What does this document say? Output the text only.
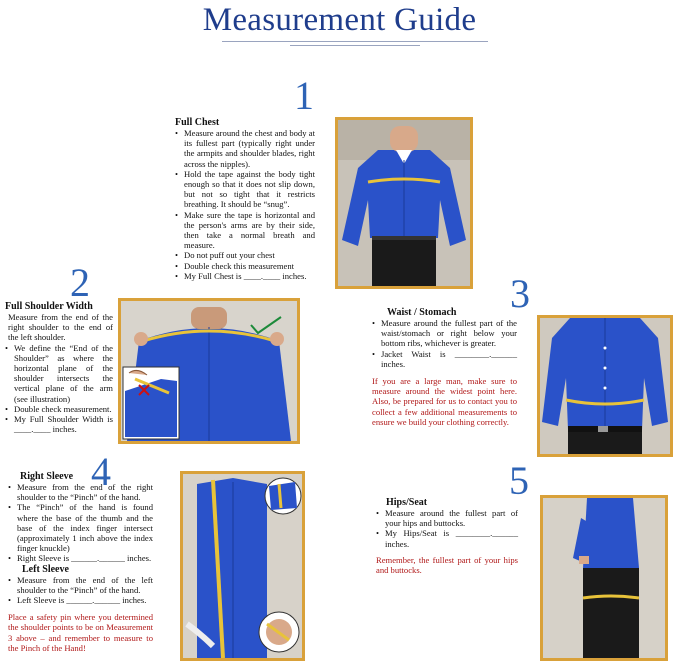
Measurement Guide
1
Full Chest
• Measure around the chest and body at its fullest part (typically right under the armpits and shoulder blades, right across the nipples).
• Hold the tape against the body tight enough so that it does not slip down, but not so tight that it restricts breathing. It should be “snug”.
• Make sure the tape is horizontal and the person's arms are by their side, then take a normal breath and measure.
• Do not puff out your chest
• Double check this measurement
• My Full Chest is ____.____ inches.
2
Full Shoulder Width
Measure from the end of the right shoulder to the end of the left shoulder.
• We define the “End of the Shoulder” as where the horizontal plane of the shoulder intersects the vertical plane of the arm (see illustration)
• Double check measurement.
• My Full Shoulder Width is ____.____ inches.
3
Waist / Stomach
• Measure around the fullest part of the waist/stomach or right below your bottom ribs, whichever is greater.
• Jacket Waist is ________.______ inches.
If you are a large man, make sure to measure around the widest point here. Also, be prepared for us to contact you to collect a few additional measurements to ensure we build your clothing correctly.
4
Right Sleeve
• Measure from the end of the right shoulder to the “Pinch” of the hand.
• The “Pinch” of the hand is found where the base of the thumb and the base of the index finger intersect (approximately 1 inch above the index finger knuckle)
• Right Sleeve is ______.______ inches.
Left Sleeve
• Measure from the end of the left shoulder to the “Pinch” of the hand.
• Left Sleeve is ______.______ inches.
Place a safety pin where you determined the shoulder points to be on Measurement 3 above – and remember to measure to the Pinch of the Hand!
5
Hips/Seat
• Measure around the fullest part of your hips and buttocks.
• My Hips/Seat is ________.______ inches.
Remember, the fullest part of your hips and buttocks.
